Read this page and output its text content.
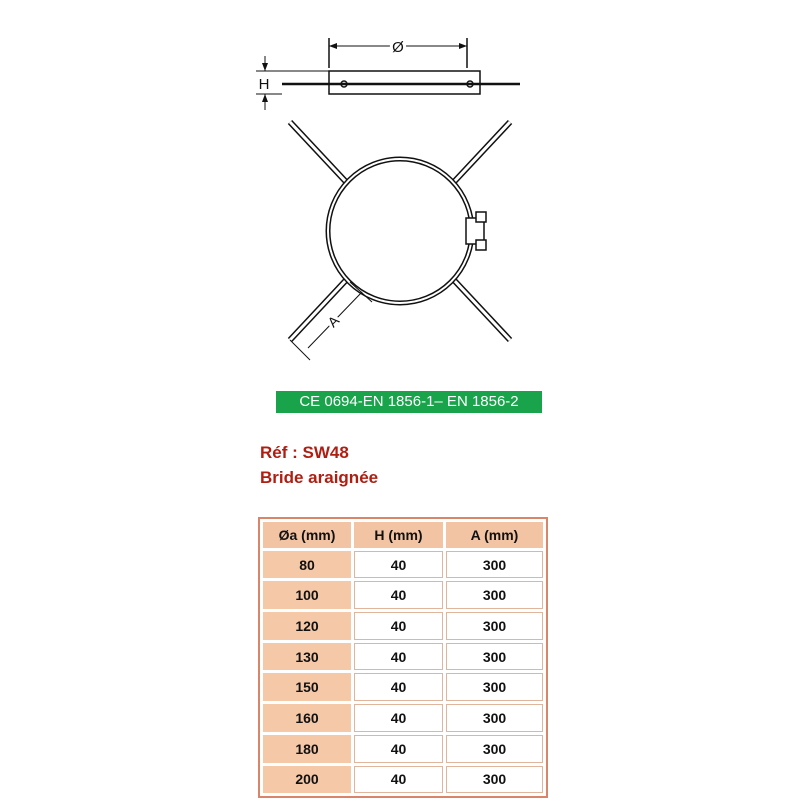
Ø
H
A
CE 0694-EN 1856-1– EN 1856-2
Réf : SW48
Bride araignée
Øa (mm)	H (mm)	A (mm)
80	40	300
100	40	300
120	40	300
130	40	300
150	40	300
160	40	300
180	40	300
200	40	300
